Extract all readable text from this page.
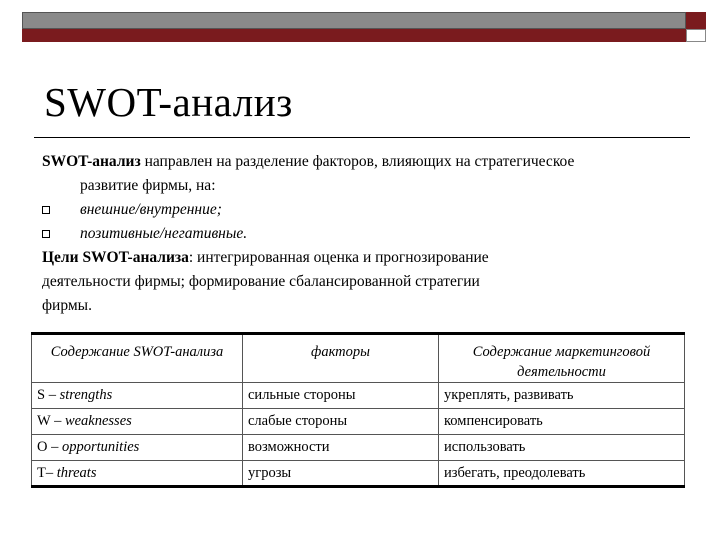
SWOT-анализ

SWOT-анализ направлен на разделение факторов, влияющих на стратегическое

развитие фирмы, на:

внешние/внутренние;

позитивные/негативные.

Цели SWOT-анализа: интегрированная оценка и прогнозирование

деятельности фирмы; формирование сбалансированной стратегии

фирмы.

Содержание SWOT-анализа	факторы	Содержание маркетинговой деятельности
S – strengths	сильные стороны	укреплять, развивать
W – weaknesses	слабые стороны	компенсировать
O – opportunities	возможности	использовать
T– threats	угрозы	избегать, преодолевать
